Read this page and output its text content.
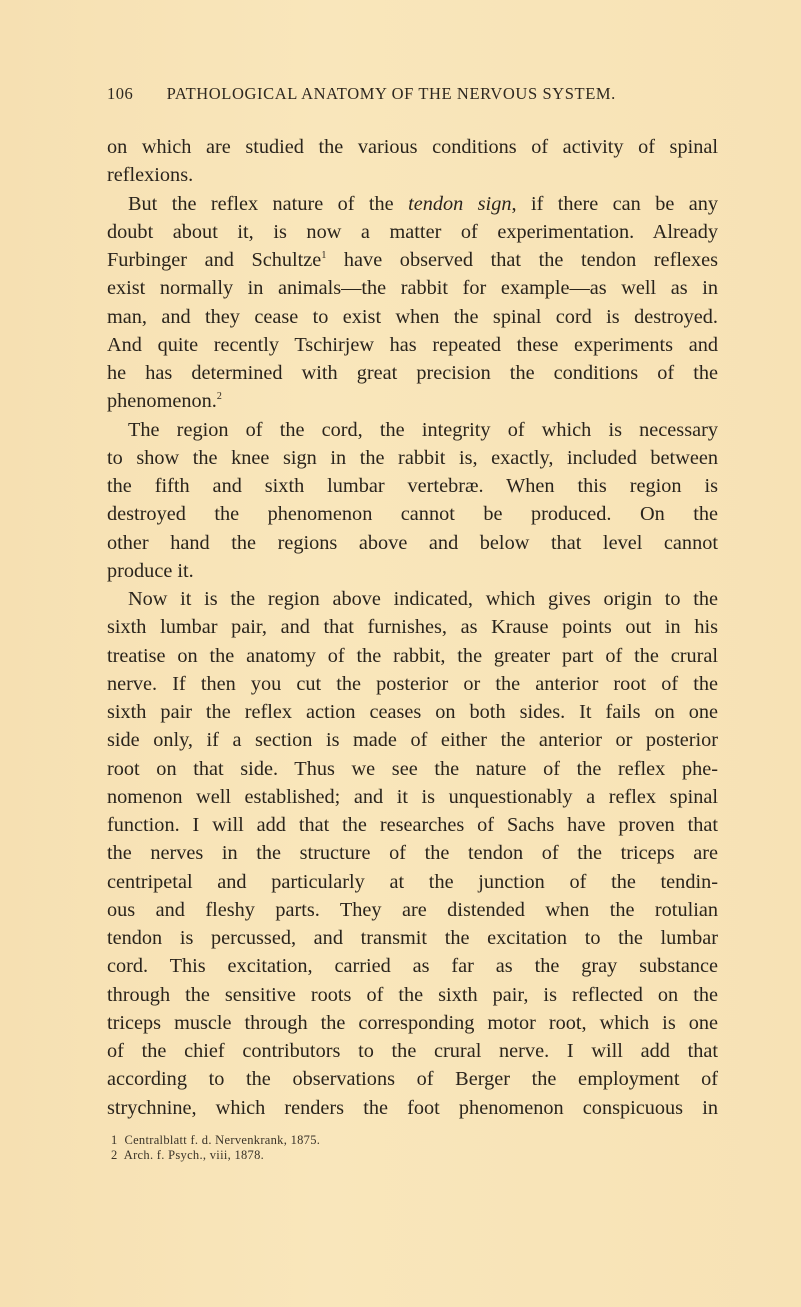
106 PATHOLOGICAL ANATOMY OF THE NERVOUS SYSTEM.
on which are studied the various conditions of activity of spinal
reflexions.
But the reflex nature of the tendon sign, if there can be any
doubt about it, is now a matter of experimentation. Already
Furbinger and Schultze$^1$ have observed that the tendon reflexes
exist normally in animals—the rabbit for example—as well as in
man, and they cease to exist when the spinal cord is destroyed.
And quite recently Tschirjew has repeated these experiments and
he has determined with great precision the conditions of the
phenomenon.$^2$
The region of the cord, the integrity of which is necessary
to show the knee sign in the rabbit is, exactly, included between
the fifth and sixth lumbar vertebræ. When this region is
destroyed the phenomenon cannot be produced. On the
other hand the regions above and below that level cannot
produce it.
Now it is the region above indicated, which gives origin to the
sixth lumbar pair, and that furnishes, as Krause points out in his
treatise on the anatomy of the rabbit, the greater part of the crural
nerve. If then you cut the posterior or the anterior root of the
sixth pair the reflex action ceases on both sides. It fails on one
side only, if a section is made of either the anterior or posterior
root on that side. Thus we see the nature of the reflex phe-
nomenon well established; and it is unquestionably a reflex spinal
function. I will add that the researches of Sachs have proven that
the nerves in the structure of the tendon of the triceps are
centripetal and particularly at the junction of the tendin-
ous and fleshy parts. They are distended when the rotulian
tendon is percussed, and transmit the excitation to the lumbar
cord. This excitation, carried as far as the gray substance
through the sensitive roots of the sixth pair, is reflected on the
triceps muscle through the corresponding motor root, which is one
of the chief contributors to the crural nerve. I will add that
according to the observations of Berger the employment of
strychnine, which renders the foot phenomenon conspicuous in
1 Centralblatt f. d. Nervenkrank, 1875.
2 Arch. f. Psych., viii, 1878.
